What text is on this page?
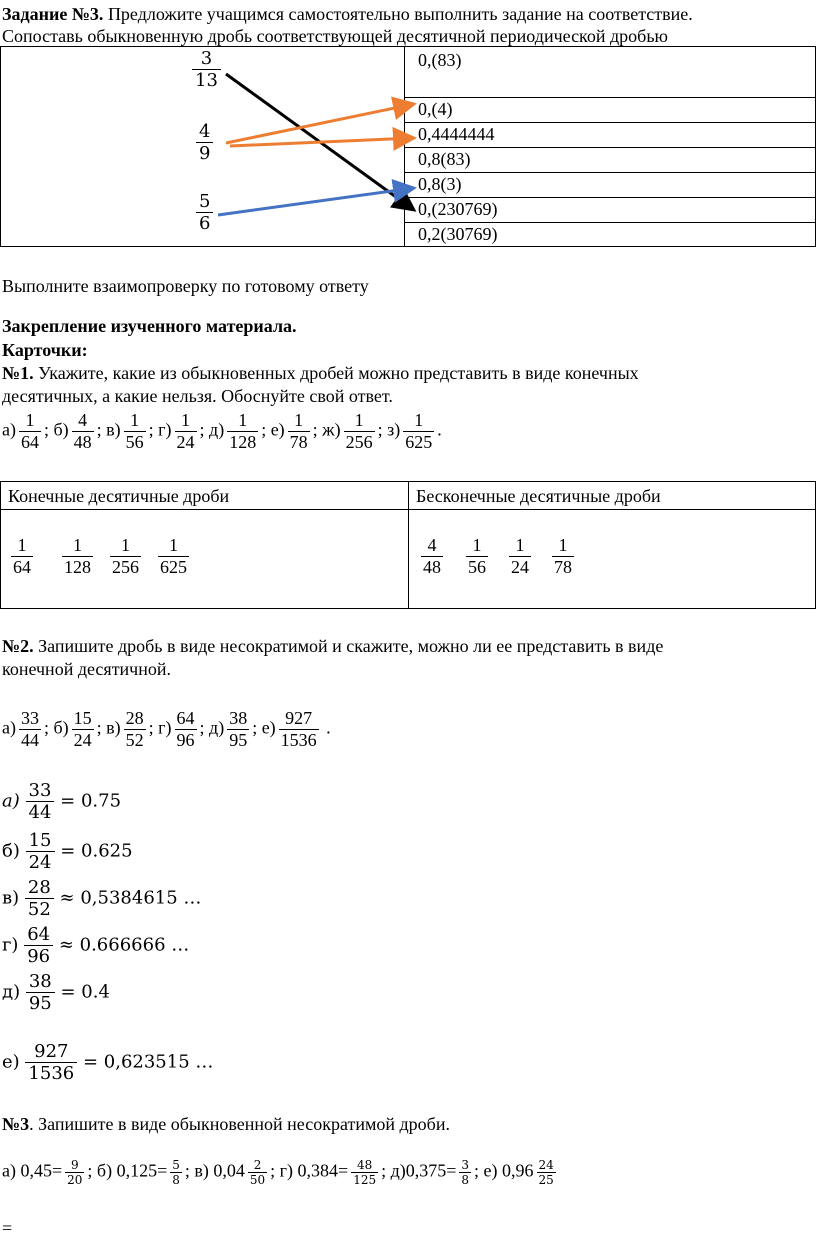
Задание №3. Предложите учащимся самостоятельно выполнить задание на соответствие.
Сопоставь обыкновенную дробь соответствующей десятичной периодической дробью
0,(83)
0,(4)
0,4444444
0,8(83)
0,8(3)
0,(230769)
0,2(30769)
$\frac{3}{13}$
$\frac{4}{9}$
$\frac{5}{6}$
Выполните взаимопроверку по готовому ответу
Закрепление изученного материала.
Карточки:
№1. Укажите, какие из обыкновенных дробей можно представить в виде конечных
десятичных, а какие нельзя. Обоснуйте свой ответ.
$а) \frac{1}{64}$ ; $б) \frac{4}{48}$ ; $в) \frac{1}{56}$ ; $г) \frac{1}{24}$ ; $д) \frac{1}{128}$ ; $е) \frac{1}{78}$ ; $ж) \frac{1}{256}$ ; $з) \frac{1}{625}$ .
Конечные десятичные дроби	Бесконечные десятичные дроби
$\frac{1}{64} \frac{1}{128} \frac{1}{256} \frac{1}{625}$	$\frac{4}{48} \frac{1}{56} \frac{1}{24} \frac{1}{78}$
№2. Запишите дробь в виде несократимой и скажите, можно ли ее представить в виде
конечной десятичной.
$а) \frac{33}{44}$ ; $б) \frac{15}{24}$ ; $в) \frac{28}{52}$ ; $г) \frac{64}{96}$ ; $д) \frac{38}{95}$ ; $е) \frac{927}{1536}$ .
$а) \frac{33}{44} = 0.75$
$б) \frac{15}{24} = 0.625$
$в) \frac{28}{52} \approx 0,5384615$ …
$г) \frac{64}{96} \approx 0.666666$ …
$д) \frac{38}{95} = 0.4$
$е) \frac{927}{1536} = 0,623515$ …
№3. Запишите в виде обыкновенной несократимой дроби.
а) $0,45= \frac{9}{20}$ ; б) $0,125= \frac{5}{8}$ ; в) $0,04 \frac{2}{50}$ ; г) $0,384= \frac{48}{125}$ ; $д)0,375= \frac{3}{8}$ ; е) $0,96 \frac{24}{25}$
=
